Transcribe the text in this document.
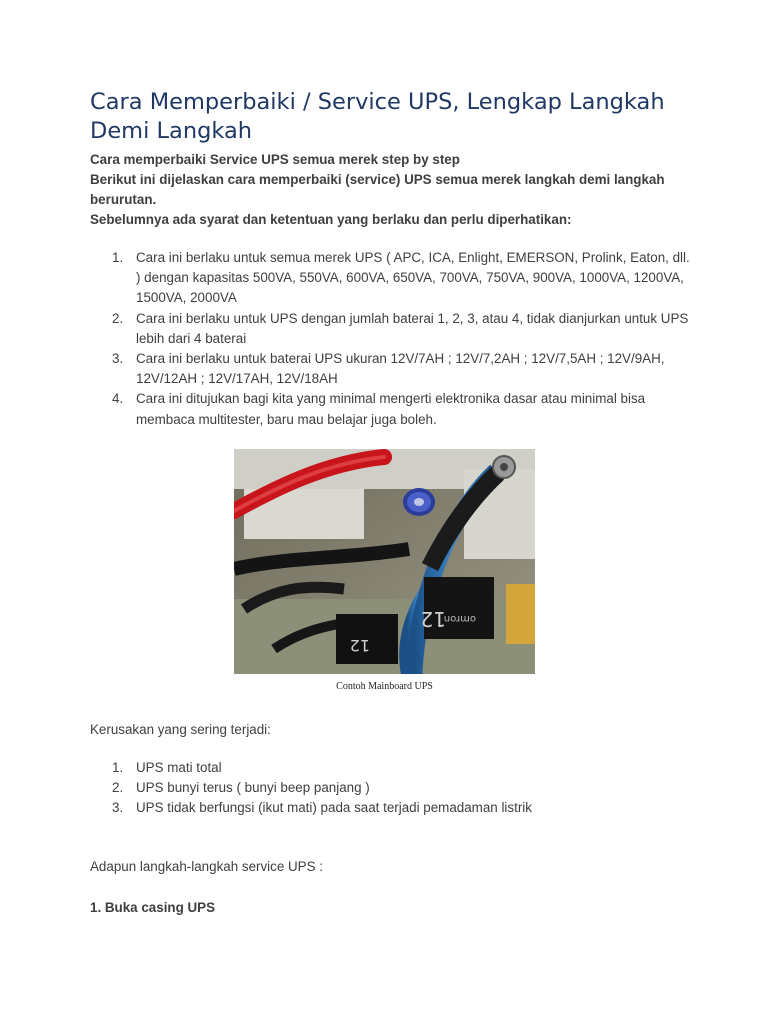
Cara Memperbaiki / Service UPS, Lengkap Langkah Demi Langkah

Cara memperbaiki Service UPS semua merek step by step

Berikut ini dijelaskan cara memperbaiki (service) UPS semua merek langkah demi langkah berurutan.

Sebelumnya ada syarat dan ketentuan yang berlaku dan perlu diperhatikan:

1. Cara ini berlaku untuk semua merek UPS ( APC, ICA, Enlight, EMERSON, Prolink, Eaton, dll. ) dengan kapasitas 500VA, 550VA, 600VA, 650VA, 700VA, 750VA, 900VA, 1000VA, 1200VA, 1500VA, 2000VA
2. Cara ini berlaku untuk UPS dengan jumlah baterai 1, 2, 3, atau 4, tidak dianjurkan untuk UPS lebih dari 4 baterai
3. Cara ini berlaku untuk baterai UPS ukuran 12V/7AH ; 12V/7,2AH ; 12V/7,5AH ; 12V/9AH, 12V/12AH ; 12V/17AH, 12V/18AH
4. Cara ini ditujukan bagi kita yang minimal mengerti elektronika dasar atau minimal bisa membaca multitester, baru mau belajar juga boleh.
12
omron
12
Contoh Mainboard UPS

Kerusakan yang sering terjadi:

1. UPS mati total
2. UPS bunyi terus ( bunyi beep panjang )
3. UPS tidak berfungsi (ikut mati) pada saat terjadi pemadaman listrik

Adapun langkah-langkah service UPS :

1. Buka casing UPS
